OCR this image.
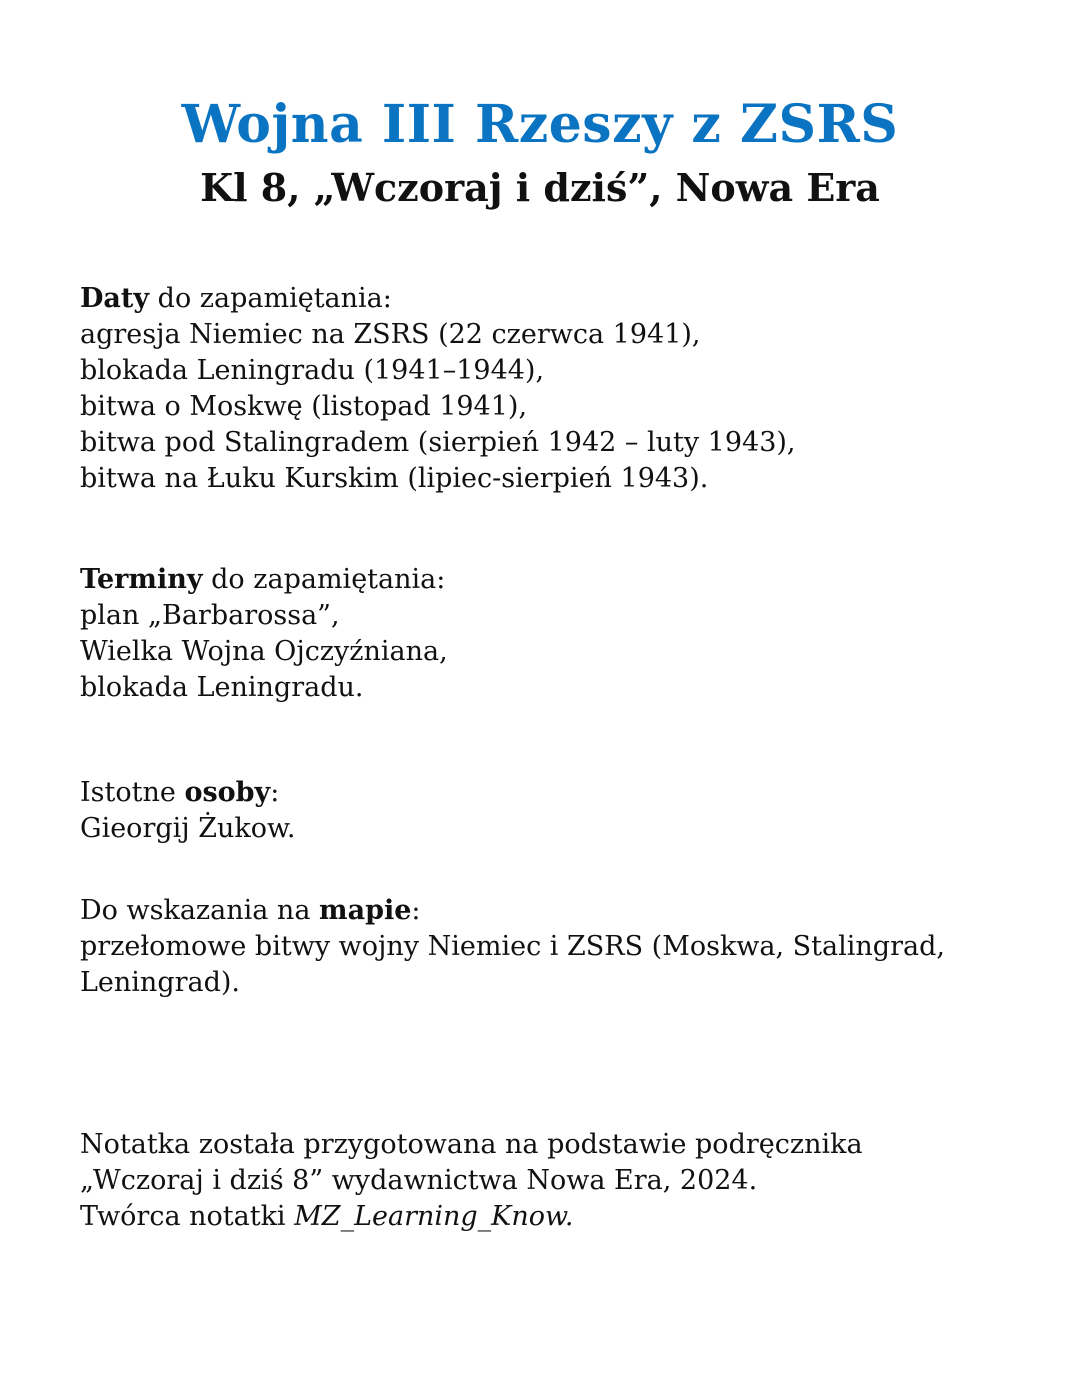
Wojna III Rzeszy z ZSRS
Kl 8, „Wczoraj i dziś”, Nowa Era
Daty do zapamiętania:
agresja Niemiec na ZSRS (22 czerwca 1941),
blokada Leningradu (1941–1944),
bitwa o Moskwę (listopad 1941),
bitwa pod Stalingradem (sierpień 1942 – luty 1943),
bitwa na Łuku Kurskim (lipiec-sierpień 1943).
Terminy do zapamiętania:
plan „Barbarossa”,
Wielka Wojna Ojczyźniana,
blokada Leningradu.
Istotne osoby:
Gieorgij Żukow.
Do wskazania na mapie:
przełomowe bitwy wojny Niemiec i ZSRS (Moskwa, Stalingrad, Leningrad).
Notatka została przygotowana na podstawie podręcznika
„Wczoraj i dziś 8” wydawnictwa Nowa Era, 2024.
Twórca notatki MZ_Learning_Know.
